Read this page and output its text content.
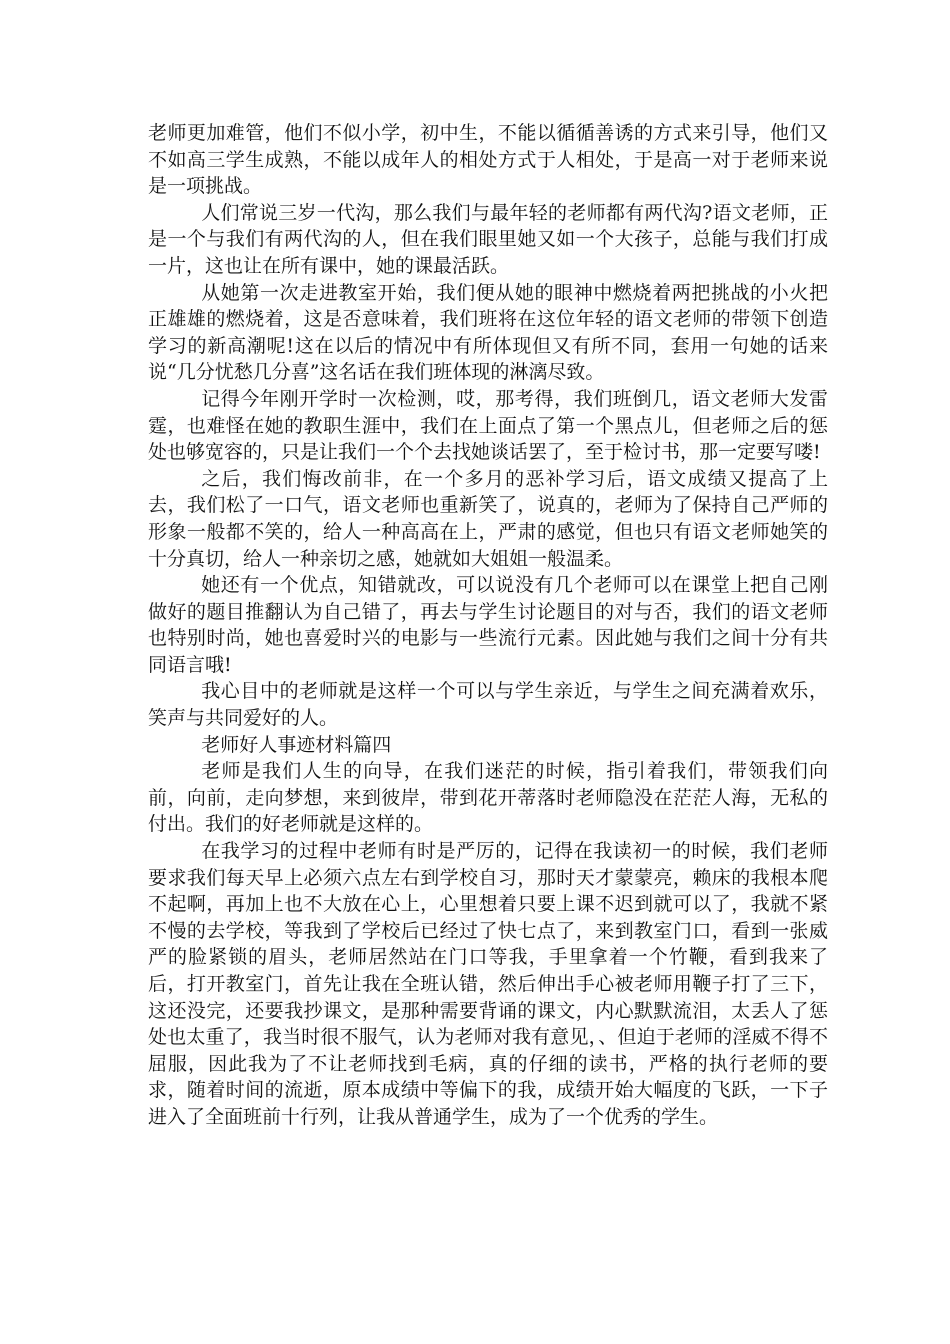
老师更加难管，他们不似小学，初中生，不能以循循善诱的方式来引导，他们又不如高三学生成熟，不能以成年人的相处方式于人相处，于是高一对于老师来说是一项挑战。

人们常说三岁一代沟，那么我们与最年轻的老师都有两代沟?语文老师，正是一个与我们有两代沟的人，但在我们眼里她又如一个大孩子，总能与我们打成一片，这也让在所有课中，她的课最活跃。

从她第一次走进教室开始，我们便从她的眼神中燃烧着两把挑战的小火把正雄雄的燃烧着，这是否意味着，我们班将在这位年轻的语文老师的带领下创造学习的新高潮呢!这在以后的情况中有所体现但又有所不同，套用一句她的话来说“几分忧愁几分喜”这名话在我们班体现的淋漓尽致。

记得今年刚开学时一次检测，哎，那考得，我们班倒几，语文老师大发雷霆，也难怪在她的教职生涯中，我们在上面点了第一个黑点儿，但老师之后的惩处也够宽容的，只是让我们一个个去找她谈话罢了，至于检讨书，那一定要写喽!

之后，我们悔改前非，在一个多月的恶补学习后，语文成绩又提高了上去，我们松了一口气，语文老师也重新笑了，说真的，老师为了保持自己严师的形象一般都不笑的，给人一种高高在上，严肃的感觉，但也只有语文老师她笑的十分真切，给人一种亲切之感，她就如大姐姐一般温柔。

她还有一个优点，知错就改，可以说没有几个老师可以在课堂上把自己刚做好的题目推翻认为自己错了，再去与学生讨论题目的对与否，我们的语文老师也特别时尚，她也喜爱时兴的电影与一些流行元素。因此她与我们之间十分有共同语言哦!

我心目中的老师就是这样一个可以与学生亲近，与学生之间充满着欢乐，笑声与共同爱好的人。

老师好人事迹材料篇四

老师是我们人生的向导，在我们迷茫的时候，指引着我们，带领我们向前，向前，走向梦想，来到彼岸，带到花开蒂落时老师隐没在茫茫人海，无私的付出。我们的好老师就是这样的。

在我学习的过程中老师有时是严厉的，记得在我读初一的时候，我们老师要求我们每天早上必须六点左右到学校自习，那时天才蒙蒙亮，赖床的我根本爬不起啊，再加上也不大放在心上，心里想着只要上课不迟到就可以了，我就不紧不慢的去学校，等我到了学校后已经过了快七点了，来到教室门口，看到一张威严的脸紧锁的眉头，老师居然站在门口等我，手里拿着一个竹鞭，看到我来了后，打开教室门，首先让我在全班认错，然后伸出手心被老师用鞭子打了三下，这还没完，还要我抄课文，是那种需要背诵的课文，内心默默流泪，太丢人了惩处也太重了，我当时很不服气，认为老师对我有意见，、但迫于老师的淫威不得不屈服，因此我为了不让老师找到毛病，真的仔细的读书，严格的执行老师的要求，随着时间的流逝，原本成绩中等偏下的我，成绩开始大幅度的飞跃，一下子进入了全面班前十行列，让我从普通学生，成为了一个优秀的学生。
